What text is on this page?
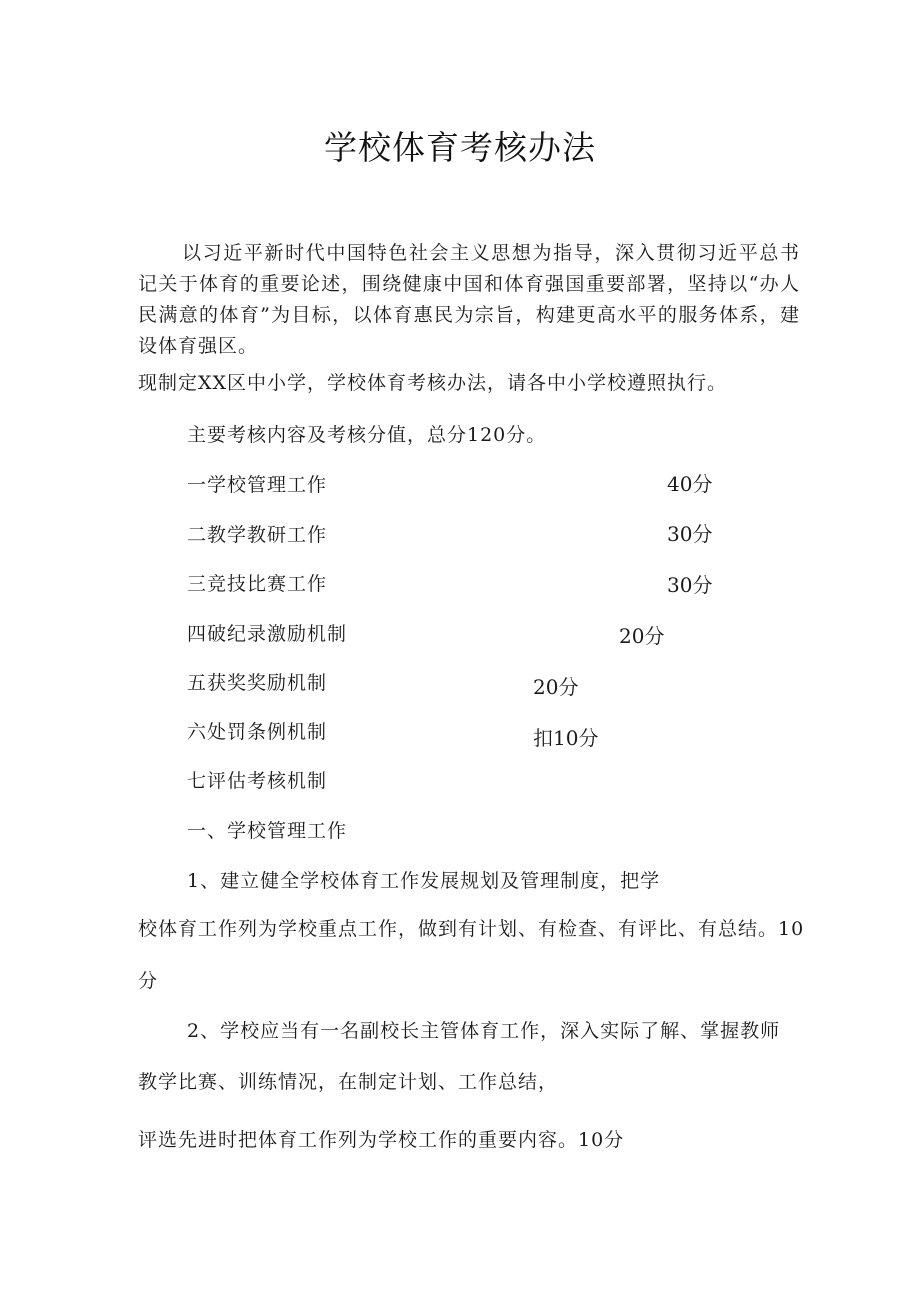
学校体育考核办法
以习近平新时代中国特色社会主义思想为指导，深入贯彻习近平总书记关于体育的重要论述，围绕健康中国和体育强国重要部署，坚持以“办人民满意的体育”为目标，以体育惠民为宗旨，构建更高水平的服务体系，建设体育强区。
现制定XX区中小学，学校体育考核办法，请各中小学校遵照执行。
主要考核内容及考核分值，总分120分。
一学校管理工作	40分
二教学教研工作	30分
三竞技比赛工作	30分
四破纪录激励机制	20分
五获奖奖励机制	20分
六处罚条例机制	扣10分
七评估考核机制
一、学校管理工作
1、建立健全学校体育工作发展规划及管理制度，把学
校体育工作列为学校重点工作，做到有计划、有检查、有评比、有总结。10
分
2、学校应当有一名副校长主管体育工作，深入实际了解、掌握教师
教学比赛、训练情况，在制定计划、工作总结，
评选先进时把体育工作列为学校工作的重要内容。10分
